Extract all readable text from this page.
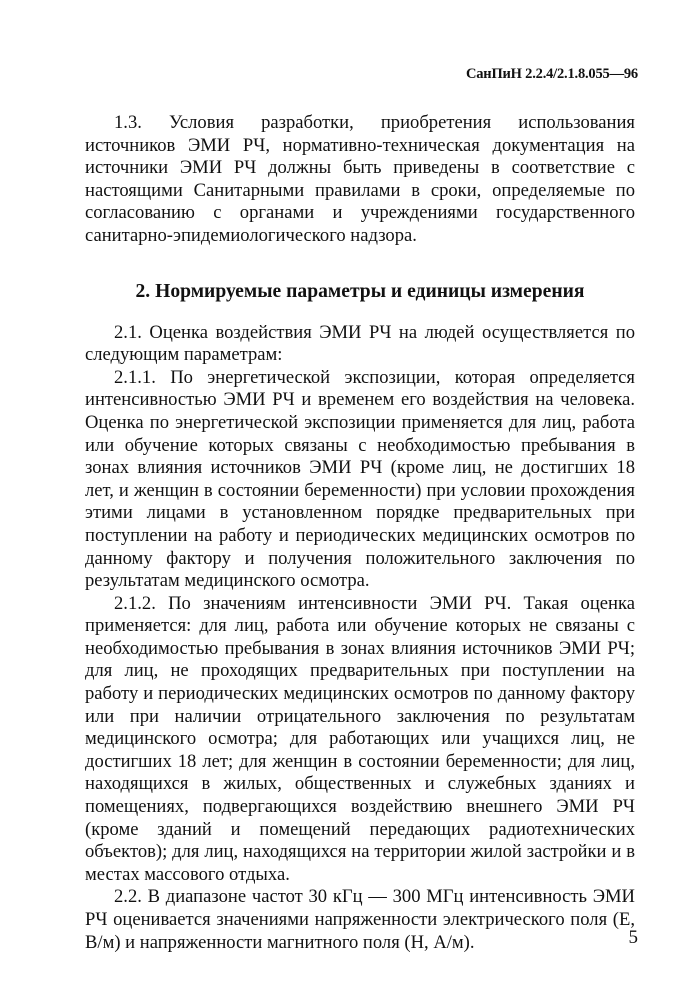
СанПиН 2.2.4/2.1.8.055—96

1.3. Условия разработки, приобретения использования источников ЭМИ РЧ, нормативно-техническая документация на источники ЭМИ РЧ должны быть приведены в соответствие с настоящими Санитарными правилами в сроки, определяемые по согласованию с органами и учреждениями государственного санитарно-эпидемиологического надзора.

2. Нормируемые параметры и единицы измерения

2.1. Оценка воздействия ЭМИ РЧ на людей осуществляется по следующим параметрам:

2.1.1. По энергетической экспозиции, которая определяется интенсивностью ЭМИ РЧ и временем его воздействия на человека. Оценка по энергетической экспозиции применяется для лиц, работа или обучение которых связаны с необходимостью пребывания в зонах влияния источников ЭМИ РЧ (кроме лиц, не достигших 18 лет, и женщин в состоянии беременности) при условии прохождения этими лицами в установленном порядке предварительных при поступлении на работу и периодических медицинских осмотров по данному фактору и получения положительного заключения по результатам медицинского осмотра.

2.1.2. По значениям интенсивности ЭМИ РЧ. Такая оценка применяется: для лиц, работа или обучение которых не связаны с необходимостью пребывания в зонах влияния источников ЭМИ РЧ; для лиц, не проходящих предварительных при поступлении на работу и периодических медицинских осмотров по данному фактору или при наличии отрицательного заключения по результатам медицинского осмотра; для работающих или учащихся лиц, не достигших 18 лет; для женщин в состоянии беременности; для лиц, находящихся в жилых, общественных и служебных зданиях и помещениях, подвергающихся воздействию внешнего ЭМИ РЧ (кроме зданий и помещений передающих радиотехнических объектов); для лиц, находящихся на территории жилой застройки и в местах массового отдыха.

2.2. В диапазоне частот 30 кГц — 300 МГц интенсивность ЭМИ РЧ оценивается значениями напряженности электрического поля (Е, В/м) и напряженности магнитного поля (Н, А/м).	5
